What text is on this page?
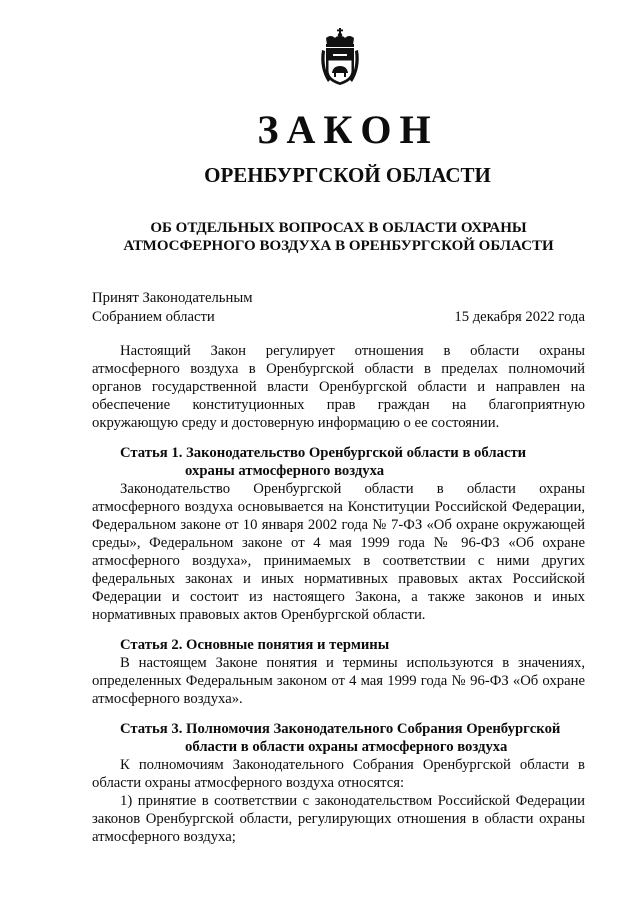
З А К О Н
ОРЕНБУРГСКОЙ ОБЛАСТИ
ОБ ОТДЕЛЬНЫХ ВОПРОСАХ В ОБЛАСТИ ОХРАНЫ
АТМОСФЕРНОГО ВОЗДУХА В ОРЕНБУРГСКОЙ ОБЛАСТИ
Принят Законодательным
Собранием области	15 декабря 2022 года
Настоящий Закон регулирует отношения в области охраны
атмосферного воздуха в Оренбургской области в пределах полномочий
органов государственной власти Оренбургской области и направлен на
обеспечение конституционных прав граждан на благоприятную
окружающую среду и достоверную информацию о ее состоянии.
Статья 1. Законодательство Оренбургской области в области
охраны атмосферного воздуха
Законодательство Оренбургской области в области охраны
атмосферного воздуха основывается на Конституции Российской Федерации,
Федеральном законе от 10 января 2002 года № 7-ФЗ «Об охране окружающей
среды», Федеральном законе от 4 мая 1999 года № 96-ФЗ «Об охране
атмосферного воздуха», принимаемых в соответствии с ними других
федеральных законах и иных нормативных правовых актах Российской
Федерации и состоит из настоящего Закона, а также законов и иных
нормативных правовых актов Оренбургской области.
Статья 2. Основные понятия и термины
В настоящем Законе понятия и термины используются в значениях,
определенных Федеральным законом от 4 мая 1999 года № 96-ФЗ «Об охране
атмосферного воздуха».
Статья 3. Полномочия Законодательного Собрания Оренбургской
области в области охраны атмосферного воздуха
К полномочиям Законодательного Собрания Оренбургской области в
области охраны атмосферного воздуха относятся:
1) принятие в соответствии с законодательством Российской Федерации
законов Оренбургской области, регулирующих отношения в области охраны
атмосферного воздуха;
